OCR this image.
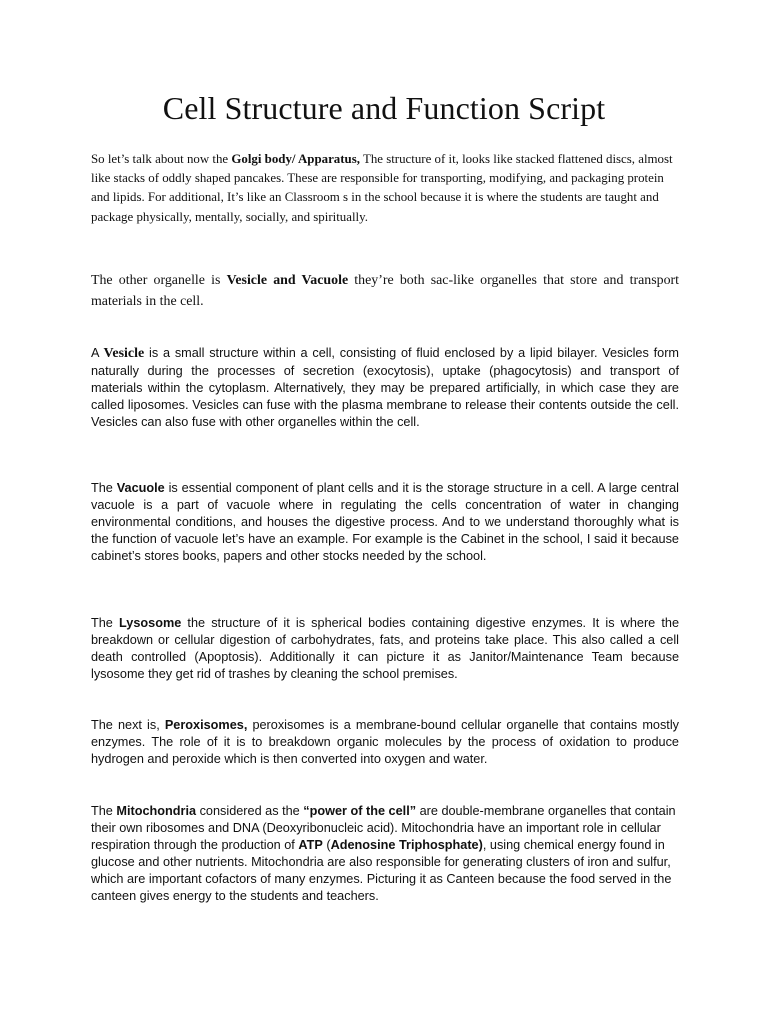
Cell Structure and Function Script

So let’s talk about now the Golgi body/ Apparatus, The structure of it, looks like stacked flattened discs, almost like stacks of oddly shaped pancakes. These are responsible for transporting, modifying, and packaging protein and lipids. For additional, It’s like an Classroom s in the school because it is where the students are taught and package physically, mentally, socially, and spiritually.

The other organelle is Vesicle and Vacuole they’re both sac-like organelles that store and transport materials in the cell.

A Vesicle is a small structure within a cell, consisting of fluid enclosed by a lipid bilayer. Vesicles form naturally during the processes of secretion (exocytosis), uptake (phagocytosis) and transport of materials within the cytoplasm. Alternatively, they may be prepared artificially, in which case they are called liposomes. Vesicles can fuse with the plasma membrane to release their contents outside the cell. Vesicles can also fuse with other organelles within the cell.

The Vacuole is essential component of plant cells and it is the storage structure in a cell. A large central vacuole is a part of vacuole where in regulating the cells concentration of water in changing environmental conditions, and houses the digestive process. And to we understand thoroughly what is the function of vacuole let’s have an example. For example is the Cabinet in the school, I said it because cabinet’s stores books, papers and other stocks needed by the school.

The Lysosome the structure of it is spherical bodies containing digestive enzymes. It is where the breakdown or cellular digestion of carbohydrates, fats, and proteins take place. This also called a cell death controlled (Apoptosis). Additionally it can picture it as Janitor/Maintenance Team because lysosome they get rid of trashes by cleaning the school premises.

The next is, Peroxisomes, peroxisomes is a membrane-bound cellular organelle that contains mostly enzymes. The role of it is to breakdown organic molecules by the process of oxidation to produce hydrogen and peroxide which is then converted into oxygen and water.

The Mitochondria considered as the “power of the cell” are double-membrane organelles that contain their own ribosomes and DNA (Deoxyribonucleic acid). Mitochondria have an important role in cellular respiration through the production of ATP (Adenosine Triphosphate), using chemical energy found in glucose and other nutrients. Mitochondria are also responsible for generating clusters of iron and sulfur, which are important cofactors of many enzymes. Picturing it as Canteen because the food served in the canteen gives energy to the students and teachers.
